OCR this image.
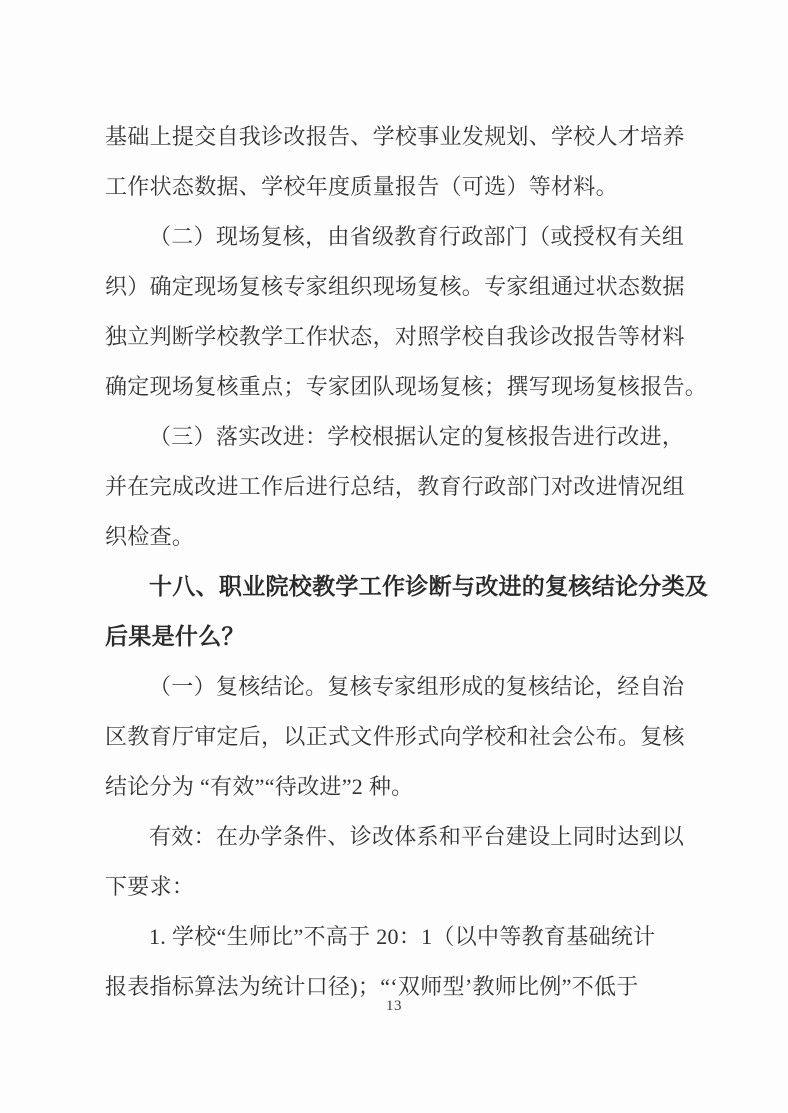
基础上提交自我诊改报告、学校事业发规划、学校人才培养
工作状态数据、学校年度质量报告（可选）等材料。
（二）现场复核，由省级教育行政部门（或授权有关组
织）确定现场复核专家组织现场复核。专家组通过状态数据
独立判断学校教学工作状态，对照学校自我诊改报告等材料
确定现场复核重点；专家团队现场复核；撰写现场复核报告。
（三）落实改进：学校根据认定的复核报告进行改进，
并在完成改进工作后进行总结，教育行政部门对改进情况组
织检查。
十八、职业院校教学工作诊断与改进的复核结论分类及
后果是什么？
（一）复核结论。复核专家组形成的复核结论，经自治
区教育厅审定后，以正式文件形式向学校和社会公布。复核
结论分为 “有效”“待改进”2 种。
有效：在办学条件、诊改体系和平台建设上同时达到以
下要求：
1. 学校“生师比”不高于 20：1（以中等教育基础统计
报表指标算法为统计口径)；“‘双师型’教师比例”不低于
13
